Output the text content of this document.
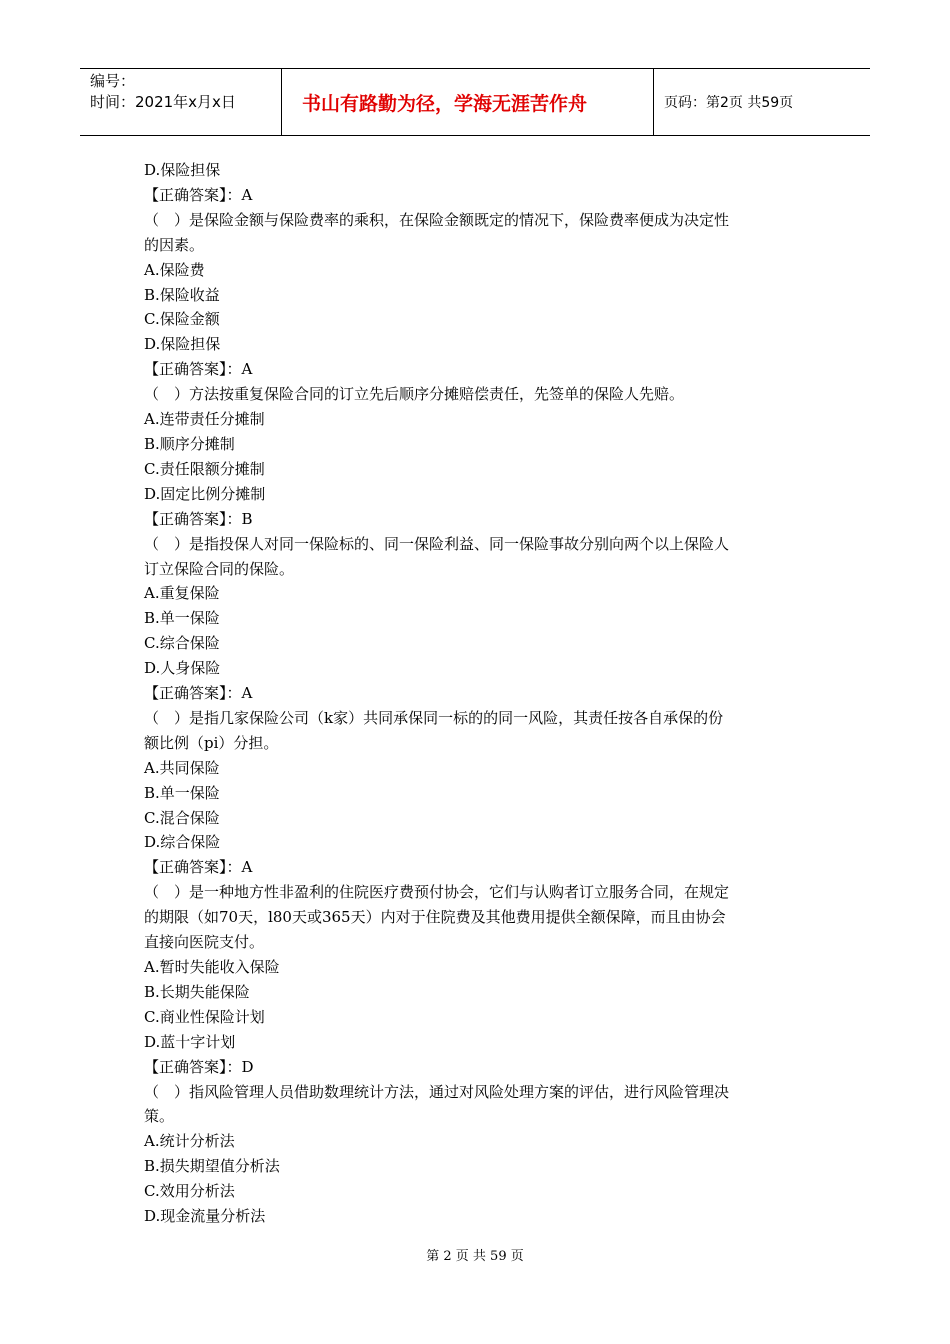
编号：
时间：2021年x月x日	书山有路勤为径，学海无涯苦作舟	页码：第2页 共59页
D.保险担保
【正确答案】：A
（　）是保险金额与保险费率的乘积，在保险金额既定的情况下，保险费率便成为决定性
的因素。
A.保险费
B.保险收益
C.保险金额
D.保险担保
【正确答案】：A
（　）方法按重复保险合同的订立先后顺序分摊赔偿责任，先签单的保险人先赔。
A.连带责任分摊制
B.顺序分摊制
C.责任限额分摊制
D.固定比例分摊制
【正确答案】：B
（　）是指投保人对同一保险标的、同一保险利益、同一保险事故分别向两个以上保险人
订立保险合同的保险。
A.重复保险
B.单一保险
C.综合保险
D.人身保险
【正确答案】：A
（　）是指几家保险公司（k家）共同承保同一标的的同一风险，其责任按各自承保的份
额比例（pi）分担。
A.共同保险
B.单一保险
C.混合保险
D.综合保险
【正确答案】：A
（　）是一种地方性非盈利的住院医疗费预付协会，它们与认购者订立服务合同，在规定
的期限（如70天，l80天或365天）内对于住院费及其他费用提供全额保障，而且由协会
直接向医院支付。
A.暂时失能收入保险
B.长期失能保险
C.商业性保险计划
D.蓝十字计划
【正确答案】：D
（　）指风险管理人员借助数理统计方法，通过对风险处理方案的评估，进行风险管理决
策。
A.统计分析法
B.损失期望值分析法
C.效用分析法
D.现金流量分析法
第 2 页 共 59 页
